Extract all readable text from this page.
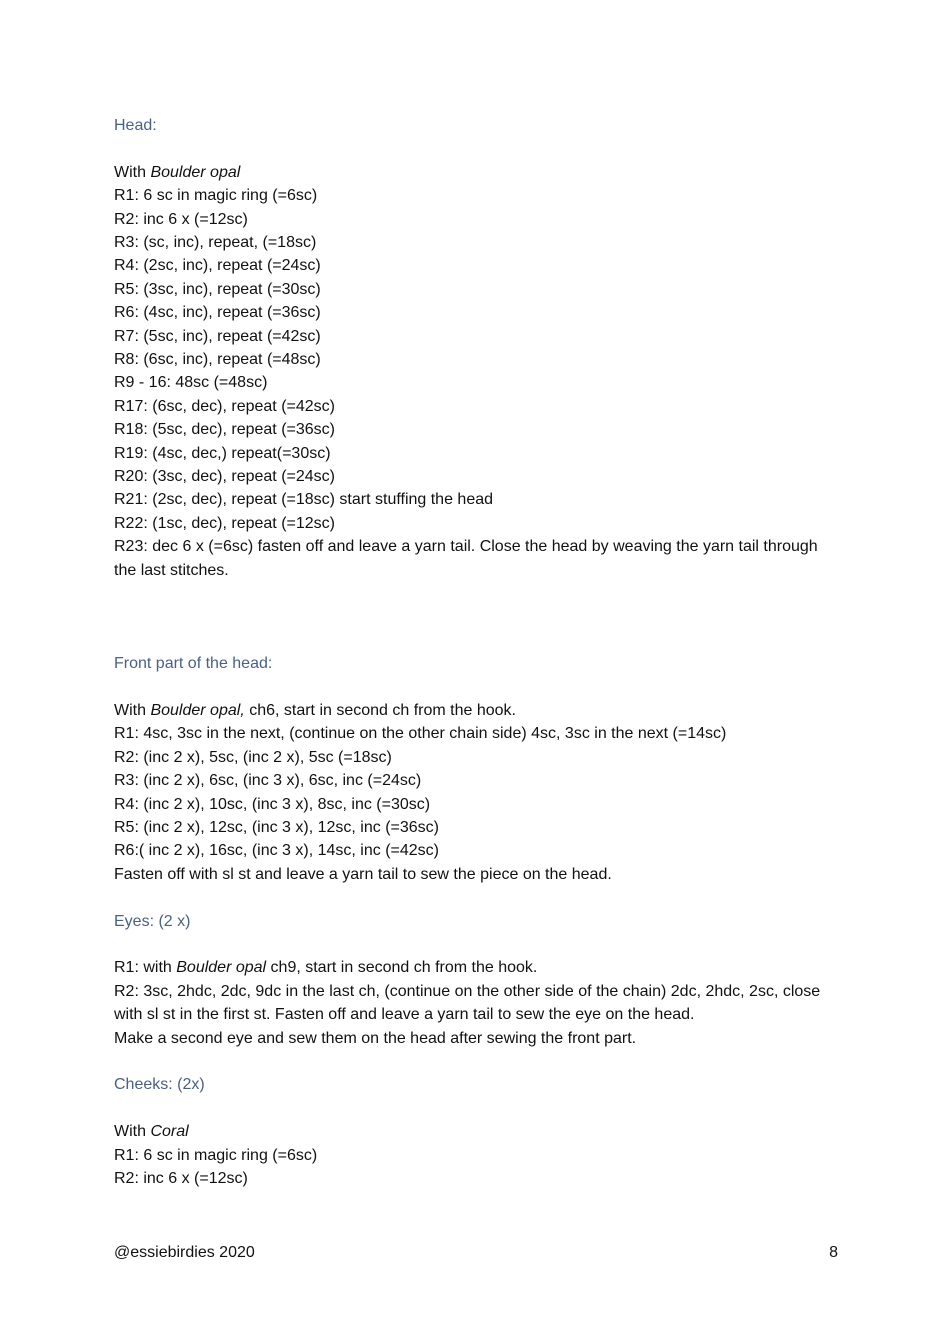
Head:

With Boulder opal

R1: 6 sc in magic ring (=6sc)

R2: inc 6 x (=12sc)

R3: (sc, inc), repeat, (=18sc)

R4: (2sc, inc), repeat (=24sc)

R5: (3sc, inc), repeat (=30sc)

R6: (4sc, inc), repeat (=36sc)

R7: (5sc, inc), repeat (=42sc)

R8: (6sc, inc), repeat (=48sc)

R9 - 16: 48sc (=48sc)

R17: (6sc, dec), repeat (=42sc)

R18: (5sc, dec), repeat (=36sc)

R19: (4sc, dec,) repeat(=30sc)

R20: (3sc, dec), repeat (=24sc)

R21: (2sc, dec), repeat (=18sc) start stuffing the head

R22: (1sc, dec), repeat (=12sc)

R23: dec 6 x (=6sc) fasten off and leave a yarn tail. Close the head by weaving the yarn tail through the last stitches.

Front part of the head:

With Boulder opal, ch6, start in second ch from the hook.

R1: 4sc, 3sc in the next, (continue on the other chain side) 4sc, 3sc in the next (=14sc)

R2: (inc 2 x), 5sc, (inc 2 x), 5sc (=18sc)

R3: (inc 2 x), 6sc, (inc 3 x), 6sc, inc (=24sc)

R4: (inc 2 x), 10sc, (inc 3 x), 8sc, inc (=30sc)

R5: (inc 2 x), 12sc, (inc 3 x), 12sc, inc (=36sc)

R6:( inc 2 x), 16sc, (inc 3 x), 14sc, inc (=42sc)

Fasten off with sl st and leave a yarn tail to sew the piece on the head.

Eyes: (2 x)

R1: with Boulder opal ch9, start in second ch from the hook.

R2: 3sc, 2hdc, 2dc, 9dc in the last ch, (continue on the other side of the chain) 2dc, 2hdc, 2sc, close with sl st in the first st. Fasten off and leave a yarn tail to sew the eye on the head.

Make a second eye and sew them on the head after sewing the front part.

Cheeks: (2x)

With Coral

R1: 6 sc in magic ring (=6sc)

R2: inc 6 x (=12sc)

@essiebirdies 2020	8
